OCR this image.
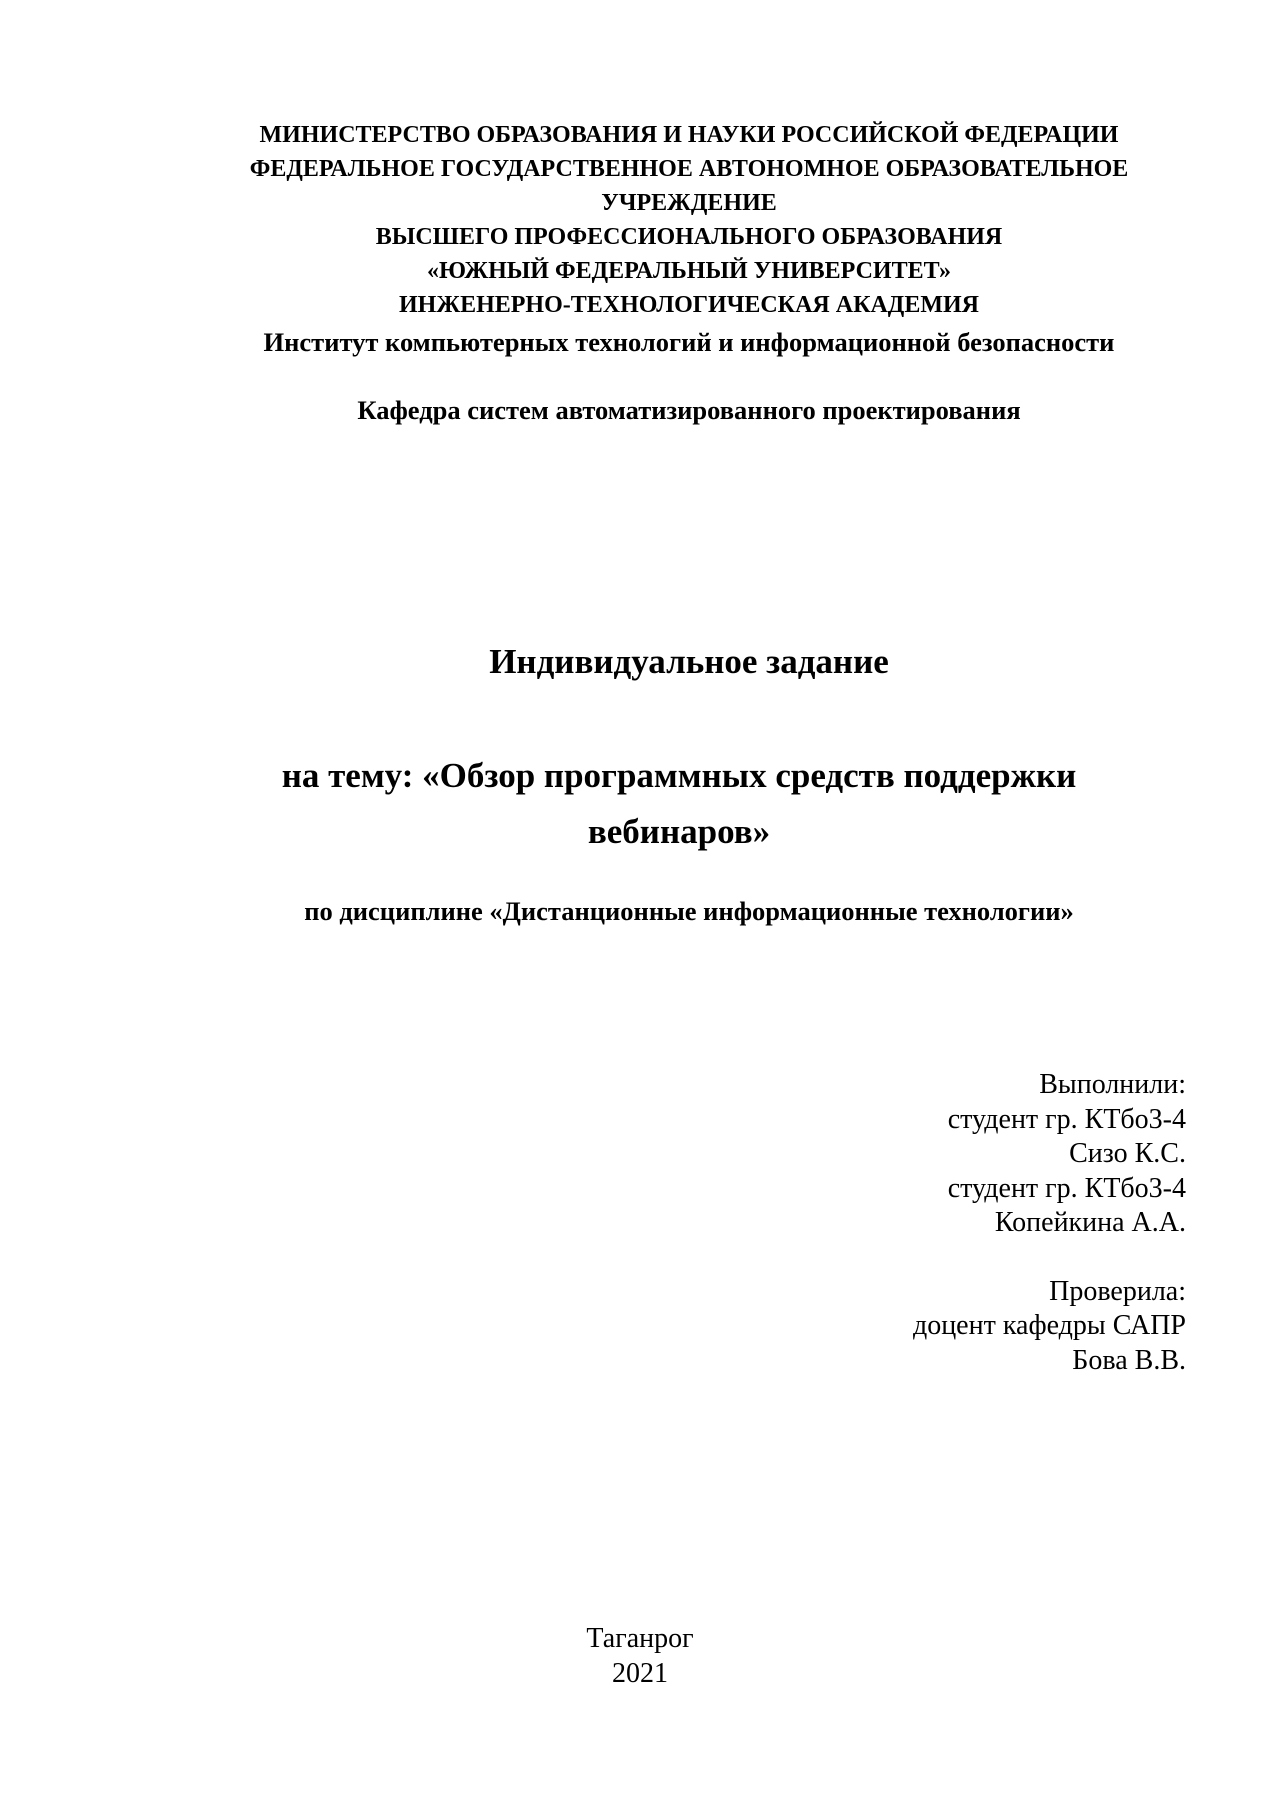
МИНИСТЕРСТВО ОБРАЗОВАНИЯ И НАУКИ РОССИЙСКОЙ ФЕДЕРАЦИИ
ФЕДЕРАЛЬНОЕ ГОСУДАРСТВЕННОЕ АВТОНОМНОЕ ОБРАЗОВАТЕЛЬНОЕ
УЧРЕЖДЕНИЕ
ВЫСШЕГО ПРОФЕССИОНАЛЬНОГО ОБРАЗОВАНИЯ
«ЮЖНЫЙ ФЕДЕРАЛЬНЫЙ УНИВЕРСИТЕТ»
ИНЖЕНЕРНО-ТЕХНОЛОГИЧЕСКАЯ АКАДЕМИЯ
Институт компьютерных технологий и информационной безопасности
Кафедра систем автоматизированного проектирования
Индивидуальное задание
на тему: «Обзор программных средств поддержки
вебинаров»
по дисциплине «Дистанционные информационные технологии»
Выполнили:
студент гр. КТбо3-4
Сизо К.С.
студент гр. КТбо3-4
Копейкина А.А.
Проверила:
доцент кафедры САПР
Бова В.В.
Таганрог
2021
